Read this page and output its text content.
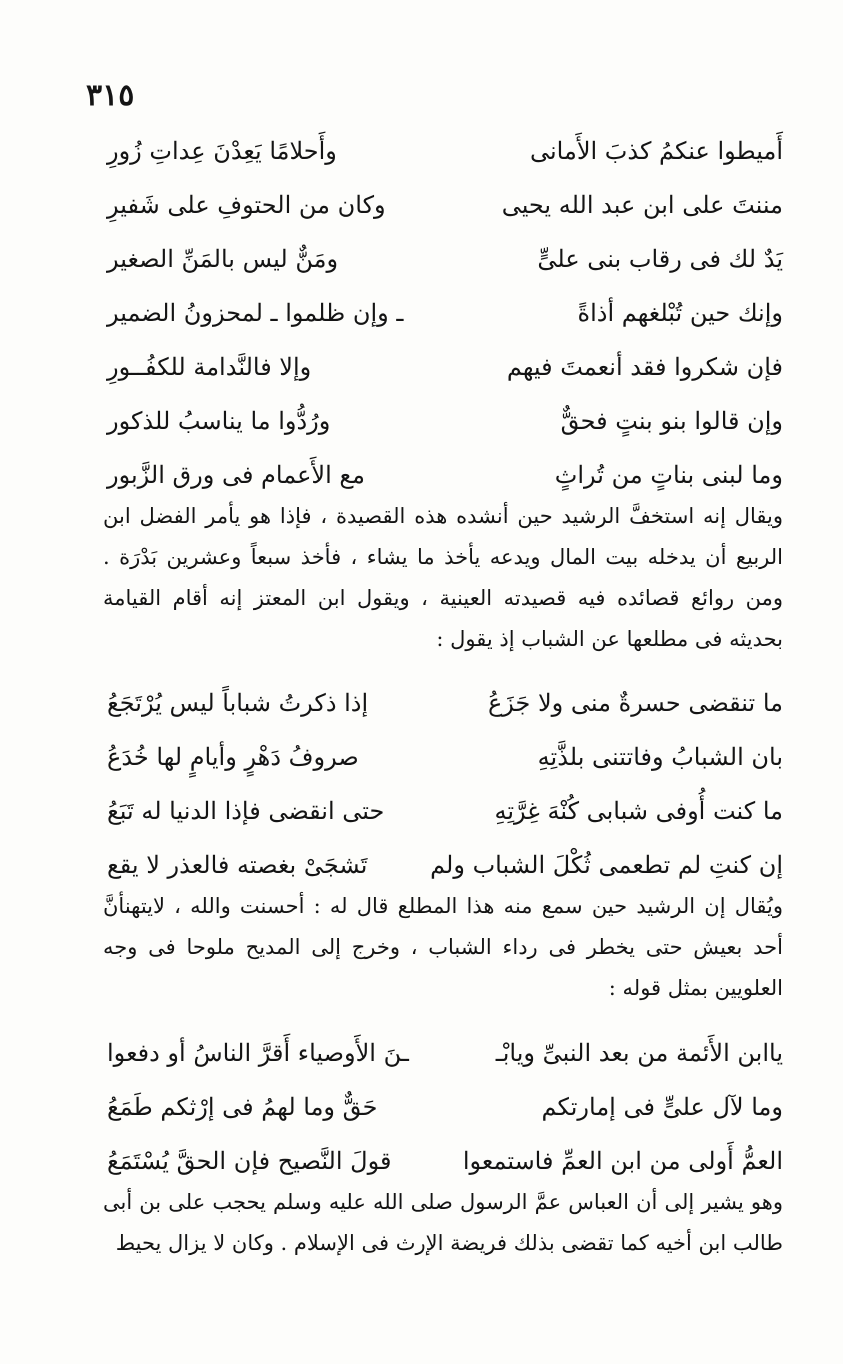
٣١٥
أَميطوا عنكمُ كذبَ الأَمانى
وأَحلامًا يَعِدْنَ عِداتِ زُورِ
مننتَ على ابن عبد الله يحيى
وكان من الحتوفِ على شَفيرِ
يَدٌ لك فى رقاب بنى علىٍّ
ومَنٌّ ليس بالمَنِّ الصغير
وإنك حين تُبْلغهم أذاةً
ـ وإن ظلموا ـ لمحزونُ الضمير
فإن شكروا فقد أنعمتَ فيهم
وإلا فالنَّدامة للكفُــورِ
وإن قالوا بنو بنتٍ فحقٌّ
ورُدُّوا ما يناسبُ للذكور
وما لبنى بناتٍ من تُراثٍ
مع الأَعمام فى ورق الزَّبور

ويقال إنه استخفَّ الرشيد حين أنشده هذه القصيدة ، فإذا هو يأمر الفضل ابن الربيع أن يدخله بيت المال ويدعه يأخذ ما يشاء ، فأخذ سبعاً وعشرين بَدْرَة . ومن روائع قصائده فيه قصيدته العينية ، ويقول ابن المعتز إنه أقام القيامة بحديثه فى مطلعها عن الشباب إذ يقول :

ما تنقضى حسرةٌ منى ولا جَزَعُ
إذا ذكرتُ شباباً ليس يُرْتَجَعُ
بان الشبابُ وفاتتنى بلذَّتِهِ
صروفُ دَهْرٍ وأيامٍ لها خُدَعُ
ما كنت أُوفى شبابى كُنْهَ غِرَّتِهِ
حتى انقضى فإذا الدنيا له تَبَعُ
إن كنتِ لم تطعمى ثُكْلَ الشباب ولم
تَشجَىْ بغصته فالعذر لا يقع

ويُقال إن الرشيد حين سمع منه هذا المطلع قال له : أحسنت والله ، لايتهنأنَّ أحد بعيش حتى يخطر فى رداء الشباب ، وخرج إلى المديح ملوحا فى وجه العلويين بمثل قوله :

ياابن الأَئمة من بعد النبىِّ ويابْـ
ـنَ الأَوصياء أَقرَّ الناسُ أو دفعوا
وما لآل علىٍّ فى إمارتكم
حَقٌّ وما لهمُ فى إرْثكم طَمَعُ
العمُّ أَولى من ابن العمِّ فاستمعوا
قولَ النَّصيح فإن الحقَّ يُسْتَمَعُ

وهو يشير إلى أن العباس عمَّ الرسول صلى الله عليه وسلم يحجب على بن أبى طالب ابن أخيه كما تقضى بذلك فريضة الإرث فى الإسلام . وكان لا يزال يحيط
